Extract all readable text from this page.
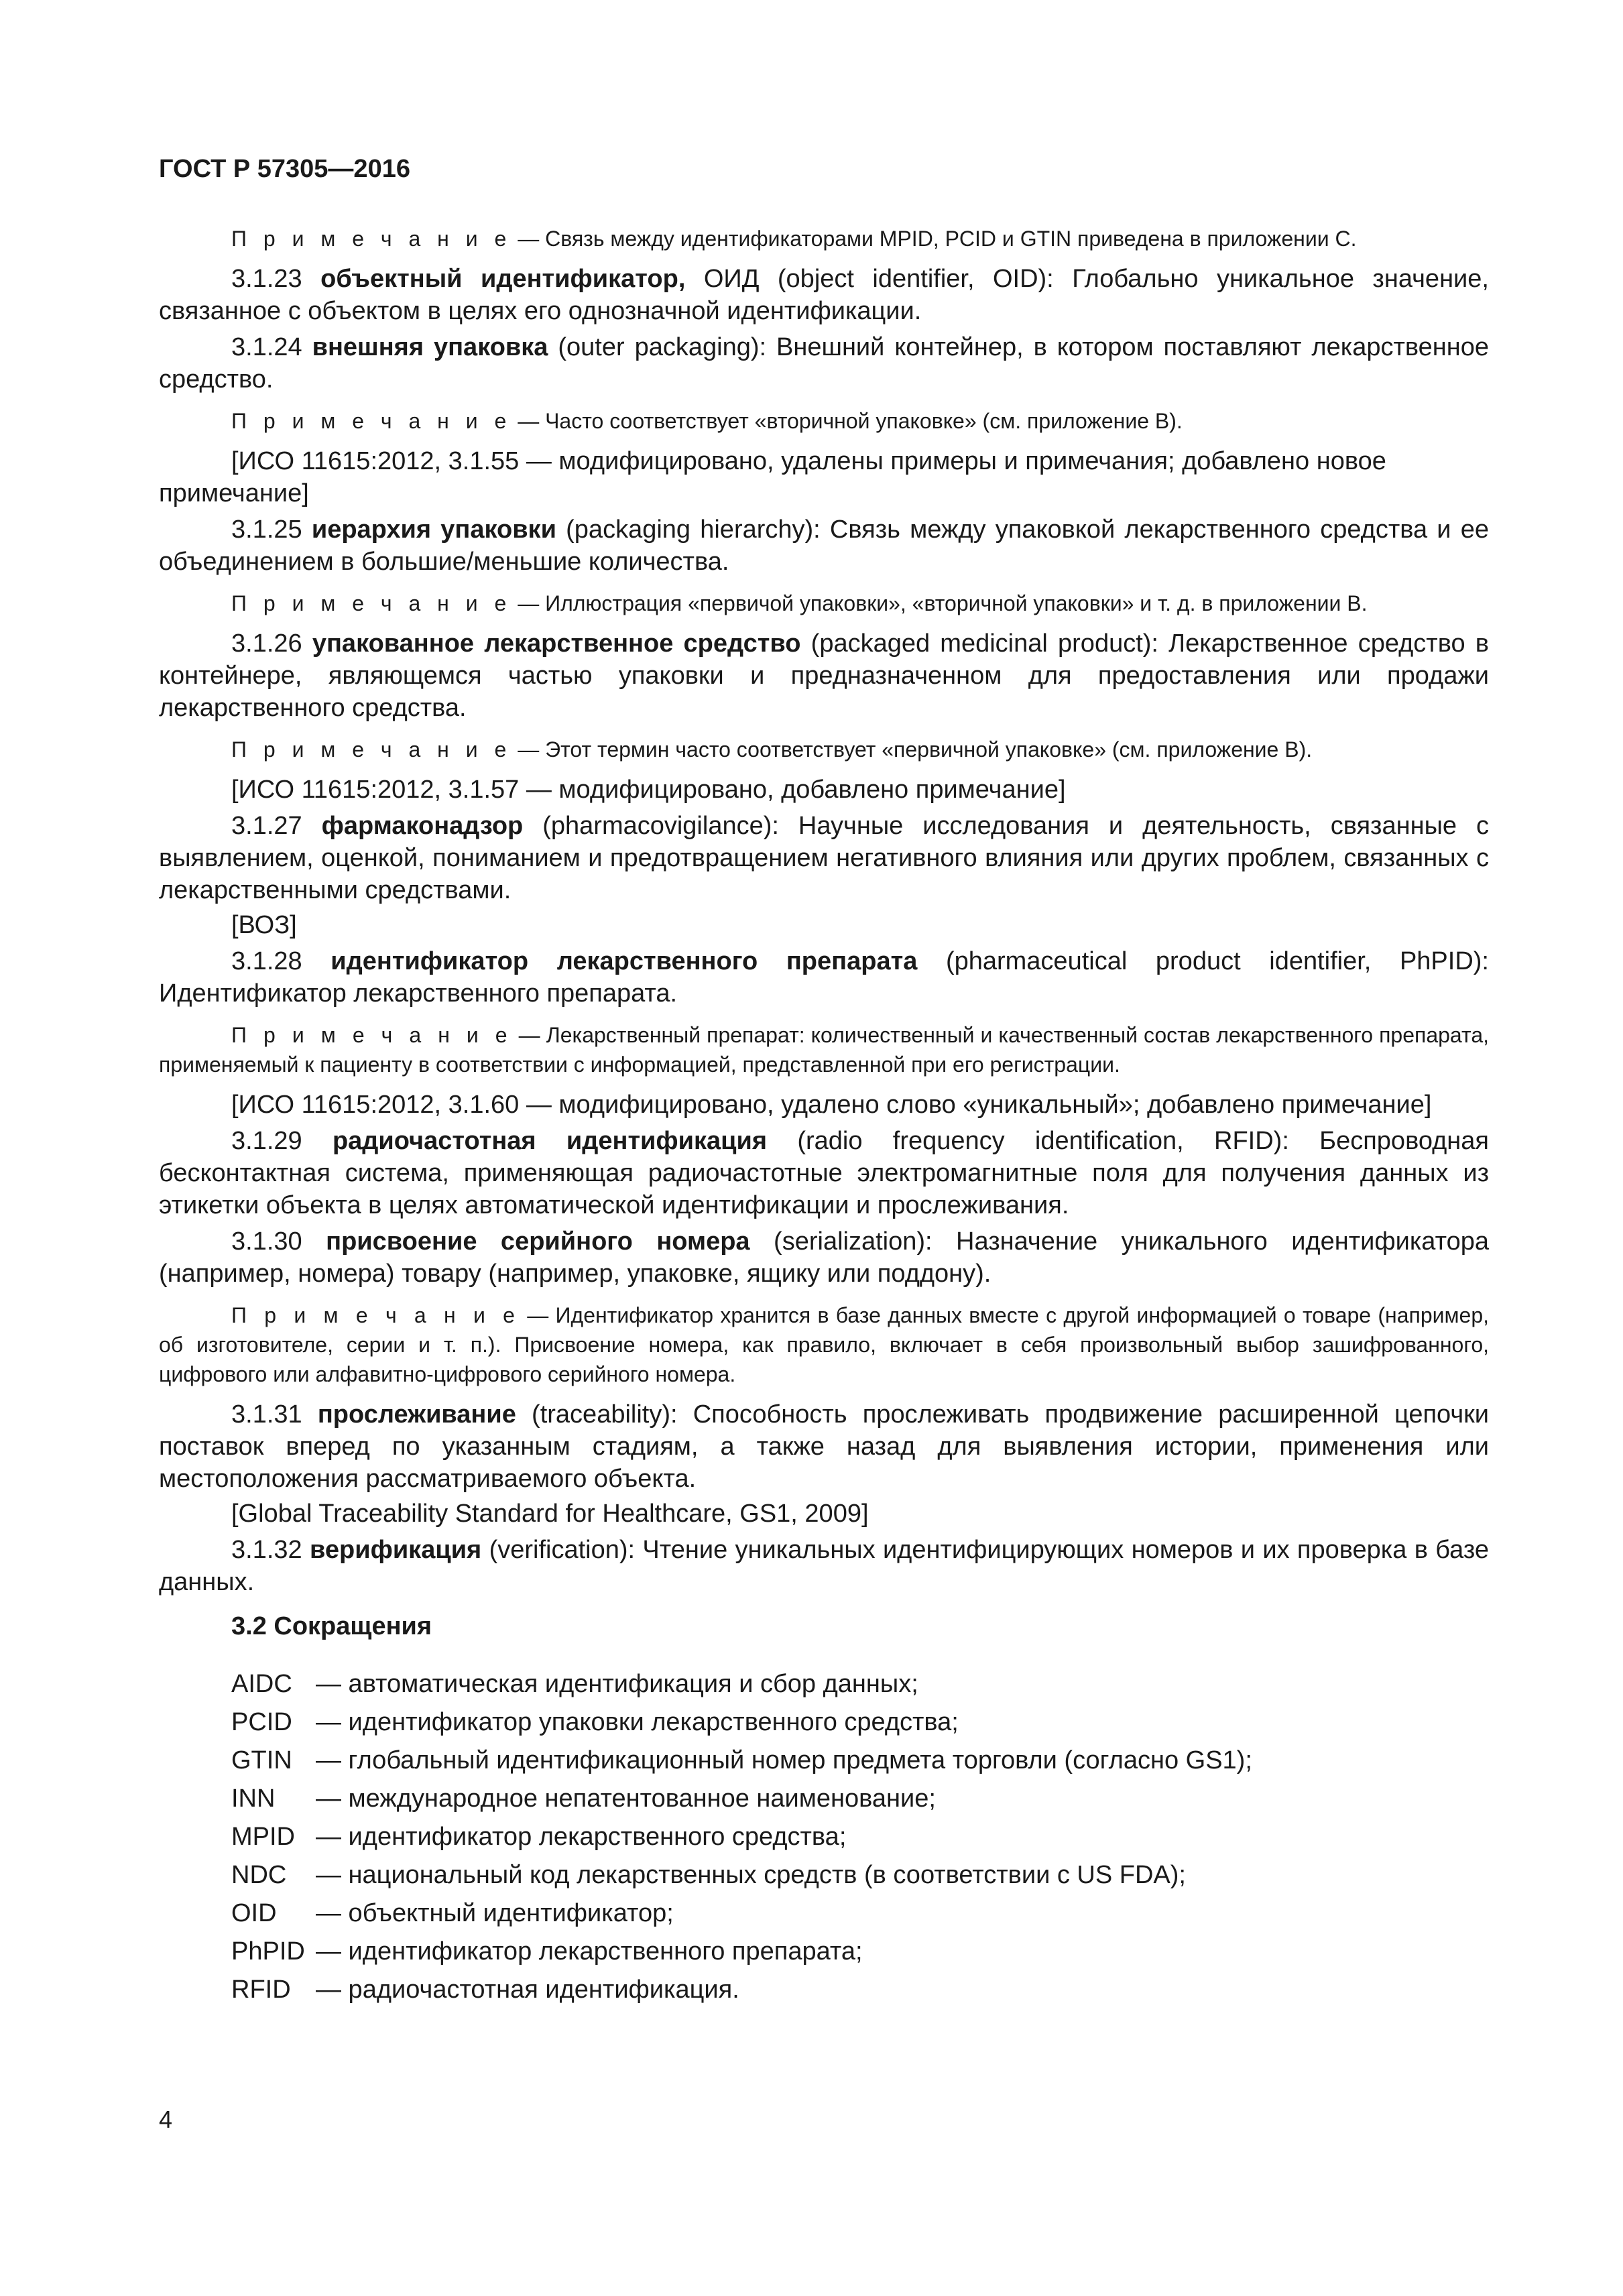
ГОСТ Р 57305—2016

П р и м е ч а н и е — Связь между идентификаторами MPID, PCID и GTIN приведена в приложении С.

3.1.23 объектный идентификатор, ОИД (object identifier, OID): Глобально уникальное значение, связанное с объектом в целях его однозначной идентификации.

3.1.24 внешняя упаковка (outer packaging): Внешний контейнер, в котором поставляют лекарственное средство.

П р и м е ч а н и е — Часто соответствует «вторичной упаковке» (см. приложение В).

[ИСО 11615:2012, 3.1.55 — модифицировано, удалены примеры и примечания; добавлено новое примечание]

3.1.25 иерархия упаковки (packaging hierarchy): Связь между упаковкой лекарственного средства и ее объединением в большие/меньшие количества.

П р и м е ч а н и е — Иллюстрация «первичой упаковки», «вторичной упаковки» и т. д. в приложении В.

3.1.26 упакованное лекарственное средство (packaged medicinal product): Лекарственное средство в контейнере, являющемся частью упаковки и предназначенном для предоставления или продажи лекарственного средства.

П р и м е ч а н и е — Этот термин часто соответствует «первичной упаковке» (см. приложение В).

[ИСО 11615:2012, 3.1.57 — модифицировано, добавлено примечание]

3.1.27 фармаконадзор (pharmacovigilance): Научные исследования и деятельность, связанные с выявлением, оценкой, пониманием и предотвращением негативного влияния или других проблем, связанных с лекарственными средствами.

[ВОЗ]

3.1.28 идентификатор лекарственного препарата (pharmaceutical product identifier, PhPID): Идентификатор лекарственного препарата.

П р и м е ч а н и е — Лекарственный препарат: количественный и качественный состав лекарственного препарата, применяемый к пациенту в соответствии с информацией, представленной при его регистрации.

[ИСО 11615:2012, 3.1.60 — модифицировано, удалено слово «уникальный»; добавлено примечание]

3.1.29 радиочастотная идентификация (radio frequency identification, RFID): Беспроводная бесконтактная система, применяющая радиочастотные электромагнитные поля для получения данных из этикетки объекта в целях автоматической идентификации и прослеживания.

3.1.30 присвоение серийного номера (serialization): Назначение уникального идентификатора (например, номера) товару (например, упаковке, ящику или поддону).

П р и м е ч а н и е — Идентификатор хранится в базе данных вместе с другой информацией о товаре (например, об изготовителе, серии и т. п.). Присвоение номера, как правило, включает в себя произвольный выбор зашифрованного, цифрового или алфавитно-цифрового серийного номера.

3.1.31 прослеживание (traceability): Способность прослеживать продвижение расширенной цепочки поставок вперед по указанным стадиям, а также назад для выявления истории, применения или местоположения рассматриваемого объекта.

[Global Traceability Standard for Healthcare, GS1, 2009]

3.1.32 верификация (verification): Чтение уникальных идентифицирующих номеров и их проверка в базе данных.

3.2 Сокращения

AIDC — автоматическая идентификация и сбор данных;
PCID — идентификатор упаковки лекарственного средства;
GTIN — глобальный идентификационный номер предмета торговли (согласно GS1);
INN	— международное непатентованное наименование;
MPID — идентификатор лекарственного средства;
NDC	— национальный код лекарственных средств (в соответствии с US FDA);
OID	— объектный идентификатор;
PhPID — идентификатор лекарственного препарата;
RFID — радиочастотная идентификация.
4
